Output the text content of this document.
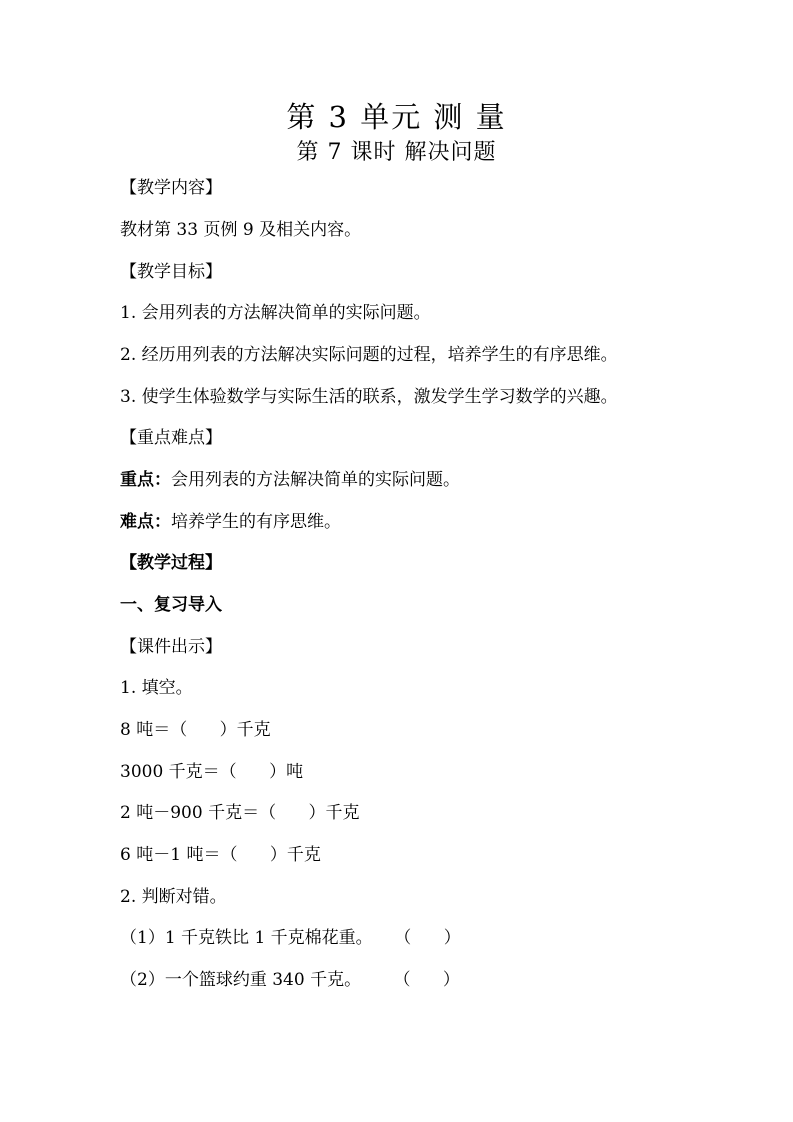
第 3 单元 测 量
第 7 课时 解决问题
【教学内容】
教材第 33 页例 9 及相关内容。
【教学目标】
1. 会用列表的方法解决简单的实际问题。
2. 经历用列表的方法解决实际问题的过程，培养学生的有序思维。
3. 使学生体验数学与实际生活的联系，激发学生学习数学的兴趣。
【重点难点】
重点：会用列表的方法解决简单的实际问题。
难点：培养学生的有序思维。
【教学过程】
一、复习导入
【课件出示】
1. 填空。
8 吨＝（      ）千克
3000 千克＝（      ）吨
2 吨－900 千克＝（      ）千克
6 吨－1 吨＝（      ）千克
2. 判断对错。
（1）1 千克铁比 1 千克棉花重。    （      ）
（2）一个篮球约重 340 千克。      （      ）
